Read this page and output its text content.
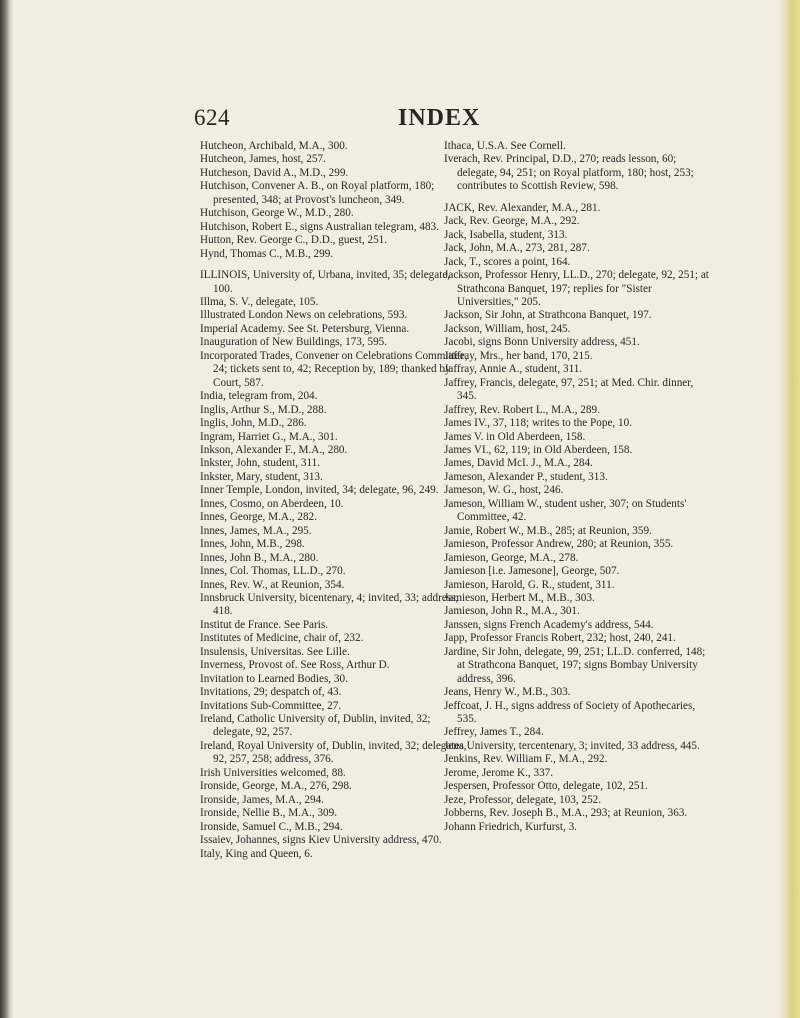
624	INDEX

Hutcheon, Archibald, M.A., 300.

Hutcheon, James, host, 257.

Hutcheson, David A., M.D., 299.

Hutchison, Convener A. B., on Royal platform, 180; presented, 348; at Provost's luncheon, 349.

Hutchison, George W., M.D., 280.

Hutchison, Robert E., signs Australian telegram, 483.

Hutton, Rev. George C., D.D., guest, 251.

Hynd, Thomas C., M.B., 299.

ILLINOIS, University of, Urbana, invited, 35; delegate, 100.

Illma, S. V., delegate, 105.

Illustrated London News on celebrations, 593.

Imperial Academy. See St. Petersburg, Vienna.

Inauguration of New Buildings, 173, 595.

Incorporated Trades, Convener on Celebrations Committee, 24; tickets sent to, 42; Reception by, 189; thanked by Court, 587.

India, telegram from, 204.

Inglis, Arthur S., M.D., 288.

Inglis, John, M.D., 286.

Ingram, Harriet G., M.A., 301.

Inkson, Alexander F., M.A., 280.

Inkster, John, student, 311.

Inkster, Mary, student, 313.

Inner Temple, London, invited, 34; delegate, 96, 249.

Innes, Cosmo, on Aberdeen, 10.

Innes, George, M.A., 282.

Innes, James, M.A., 295.

Innes, John, M.B., 298.

Innes, John B., M.A., 280.

Innes, Col. Thomas, LL.D., 270.

Innes, Rev. W., at Reunion, 354.

Innsbruck University, bicentenary, 4; invited, 33; address, 418.

Institut de France. See Paris.

Institutes of Medicine, chair of, 232.

Insulensis, Universitas. See Lille.

Inverness, Provost of. See Ross, Arthur D.

Invitation to Learned Bodies, 30.

Invitations, 29; despatch of, 43.

Invitations Sub-Committee, 27.

Ireland, Catholic University of, Dublin, invited, 32; delegate, 92, 257.

Ireland, Royal University of, Dublin, invited, 32; delegates, 92, 257, 258; address, 376.

Irish Universities welcomed, 88.

Ironside, George, M.A., 276, 298.

Ironside, James, M.A., 294.

Ironside, Nellie B., M.A., 309.

Ironside, Samuel C., M.B., 294.

Issaiev, Johannes, signs Kiev University address, 470.

Italy, King and Queen, 6.

Ithaca, U.S.A. See Cornell.

Iverach, Rev. Principal, D.D., 270; reads lesson, 60; delegate, 94, 251; on Royal platform, 180; host, 253; contributes to Scottish Review, 598.

JACK, Rev. Alexander, M.A., 281.

Jack, Rev. George, M.A., 292.

Jack, Isabella, student, 313.

Jack, John, M.A., 273, 281, 287.

Jack, T., scores a point, 164.

Jackson, Professor Henry, LL.D., 270; delegate, 92, 251; at Strathcona Banquet, 197; replies for "Sister Universities," 205.

Jackson, Sir John, at Strathcona Banquet, 197.

Jackson, William, host, 245.

Jacobi, signs Bonn University address, 451.

Jaffray, Mrs., her band, 170, 215.

Jaffray, Annie A., student, 311.

Jaffrey, Francis, delegate, 97, 251; at Med. Chir. dinner, 345.

Jaffrey, Rev. Robert L., M.A., 289.

James IV., 37, 118; writes to the Pope, 10.

James V. in Old Aberdeen, 158.

James VI., 62, 119; in Old Aberdeen, 158.

James, David McI. J., M.A., 284.

Jameson, Alexander P., student, 313.

Jameson, W. G., host, 246.

Jameson, William W., student usher, 307; on Students' Committee, 42.

Jamie, Robert W., M.B., 285; at Reunion, 359.

Jamieson, Professor Andrew, 280; at Reunion, 355.

Jamieson, George, M.A., 278.

Jamieson [i.e. Jamesone], George, 507.

Jamieson, Harold, G. R., student, 311.

Jamieson, Herbert M., M.B., 303.

Jamieson, John R., M.A., 301.

Janssen, signs French Academy's address, 544.

Japp, Professor Francis Robert, 232; host, 240, 241.

Jardine, Sir John, delegate, 99, 251; LL.D. conferred, 148; at Strathcona Banquet, 197; signs Bombay University address, 396.

Jeans, Henry W., M.B., 303.

Jeffcoat, J. H., signs address of Society of Apothecaries, 535.

Jeffrey, James T., 284.

Jena University, tercentenary, 3; invited, 33 address, 445.

Jenkins, Rev. William F., M.A., 292.

Jerome, Jerome K., 337.

Jespersen, Professor Otto, delegate, 102, 251.

Jeze, Professor, delegate, 103, 252.

Jobberns, Rev. Joseph B., M.A., 293; at Reunion, 363.

Johann Friedrich, Kurfurst, 3.
